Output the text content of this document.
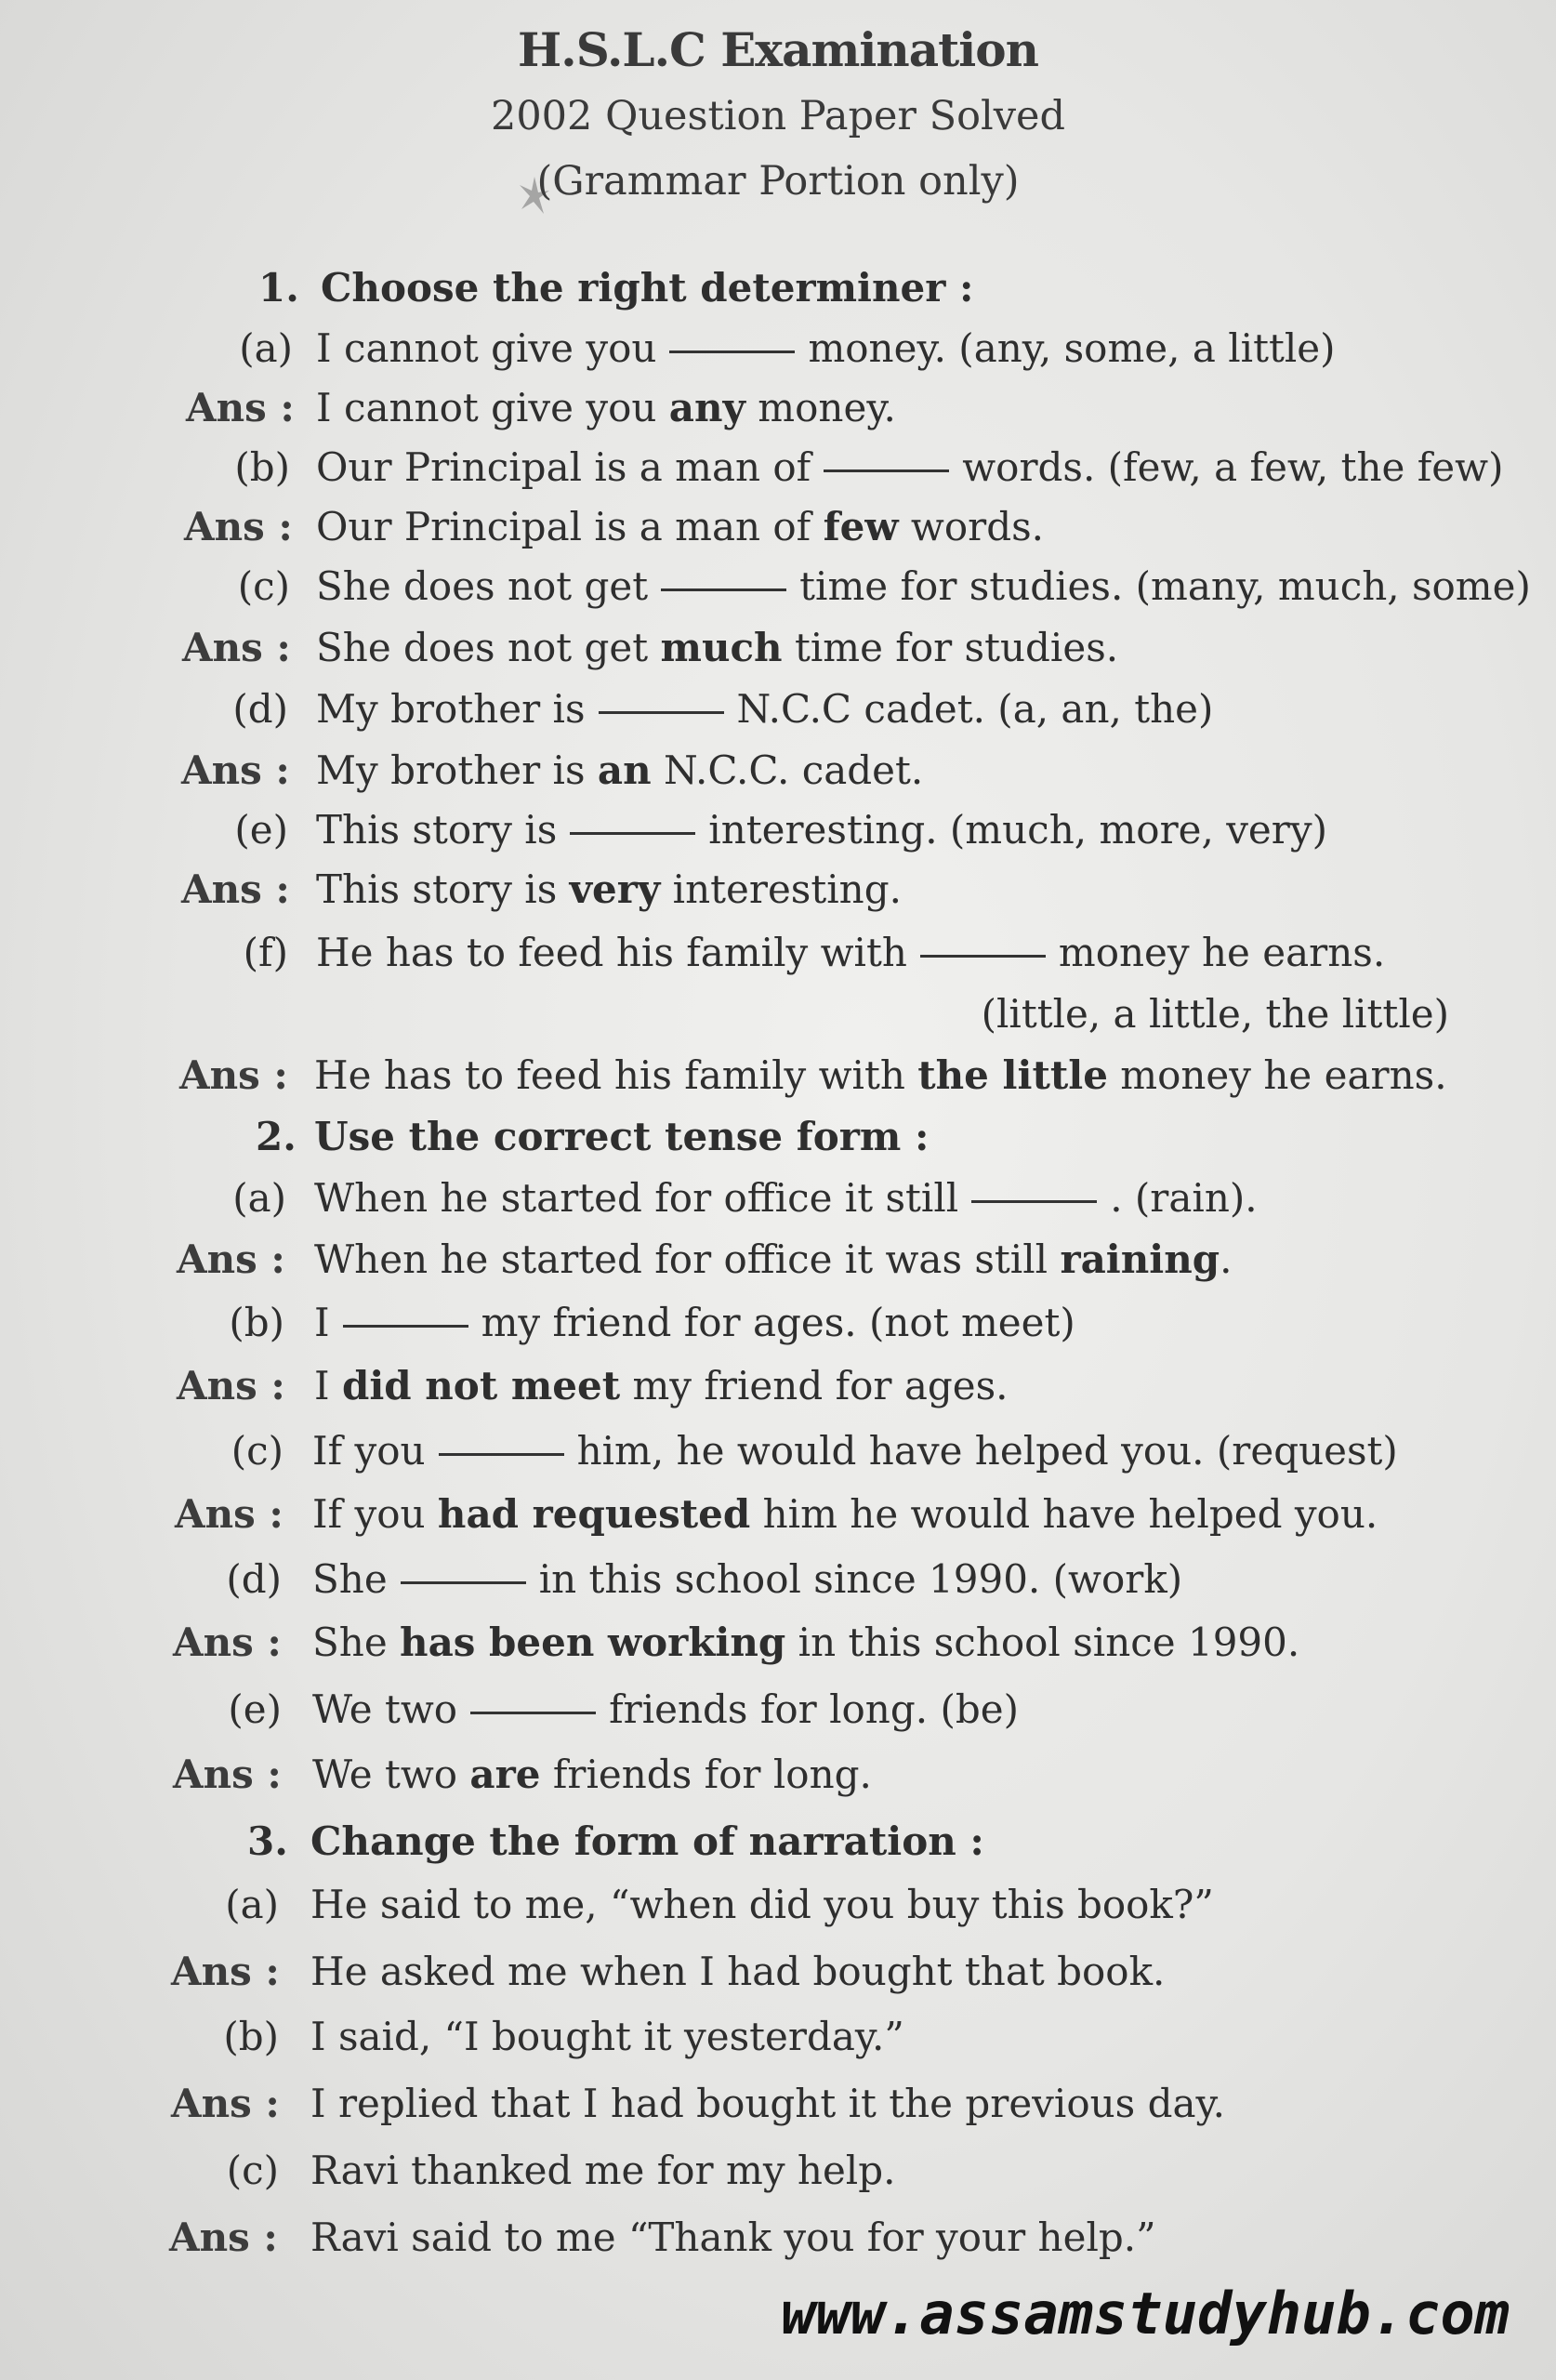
H.S.L.C Examination
2002 Question Paper Solved
(Grammar Portion only)
1. Choose the right determiner :
(a) I cannot give you	money. (any, some, a little)
Ans : I cannot give you any money.
(b) Our Principal is a man of	words. (few, a few, the few)
Ans : Our Principal is a man of few words.
(c) She does not get	time for studies. (many, much, some)
Ans : She does not get much time for studies.
(d) My brother is	N.C.C cadet. (a, an, the)
Ans : My brother is an N.C.C. cadet.
(e) This story is	interesting. (much, more, very)
Ans : This story is very interesting.
(f) He has to feed his family with	money he earns.
(little, a little, the little)
Ans : He has to feed his family with the little money he earns.
2. Use the correct tense form :
(a) When he started for office it still	. (rain).
Ans : When he started for office it was still raining.
(b) I	my friend for ages. (not meet)
Ans : I did not meet my friend for ages.
(c) If you	him, he would have helped you. (request)
Ans : If you had requested him he would have helped you.
(d) She	in this school since 1990. (work)
Ans : She has been working in this school since 1990.
(e) We two	friends for long. (be)
Ans : We two are friends for long.
3. Change the form of narration :
(a) He said to me, “when did you buy this book?”
Ans : He asked me when I had bought that book.
(b) I said, “I bought it yesterday.”
Ans : I replied that I had bought it the previous day.
(c) Ravi thanked me for my help.
Ans : Ravi said to me “Thank you for your help.”
www.assamstudyhub.com
